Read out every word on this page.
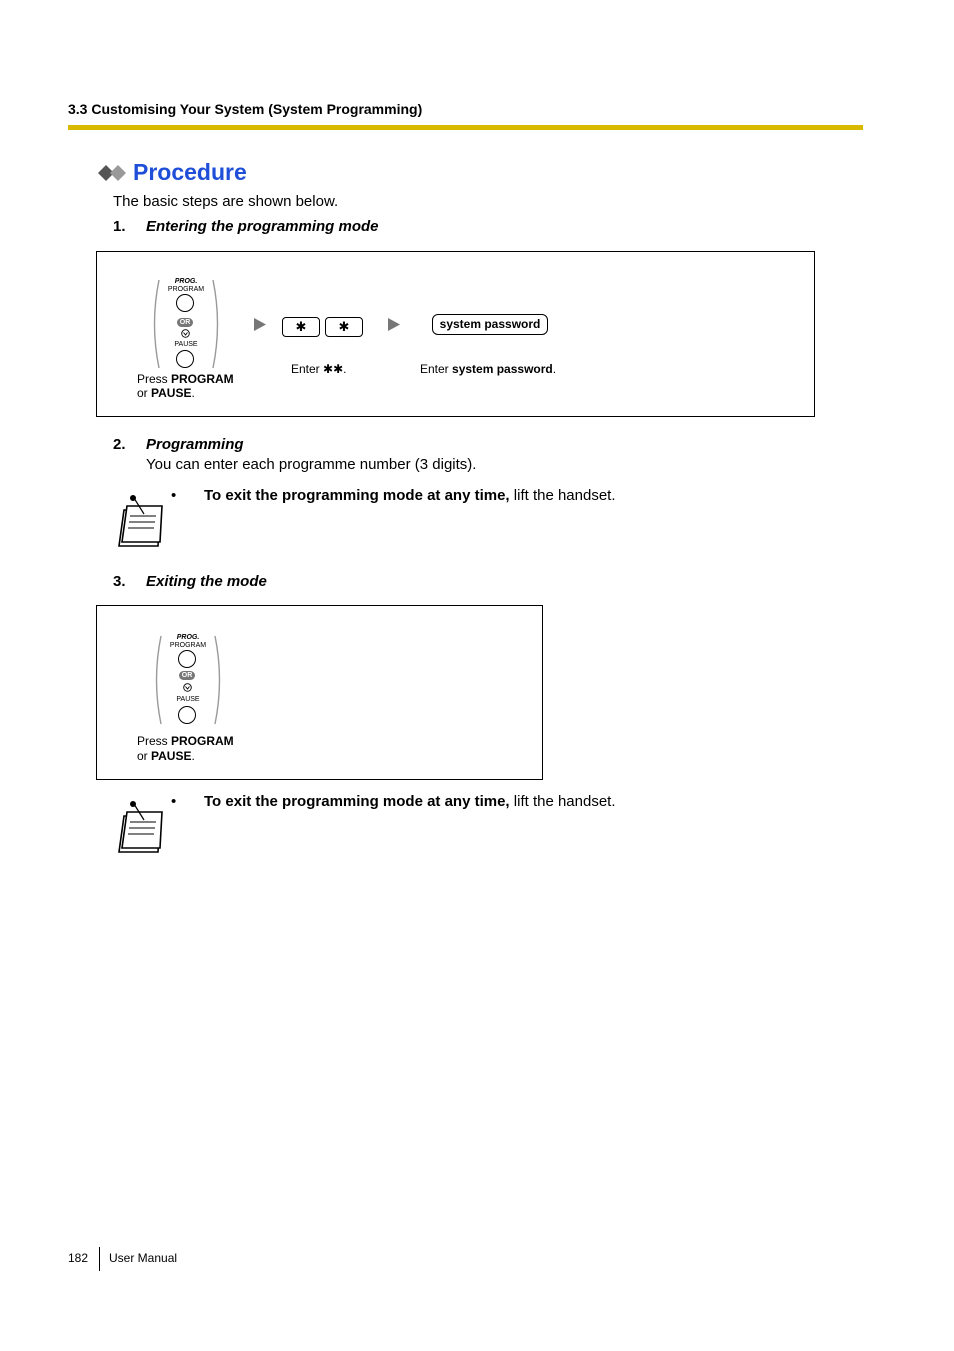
3.3 Customising Your System (System Programming)
Procedure
The basic steps are shown below.
1. Entering the programming mode
PROG.
PROGRAM
OR
PAUSE
Press PROGRAM
or PAUSE.
✱	✱
Enter ✱✱.
system password
Enter system password.
2. Programming
You can enter each programme number (3 digits).
• To exit the programming mode at any time, lift the handset.
3. Exiting the mode
PROG.
PROGRAM
OR
PAUSE
Press PROGRAM
or PAUSE.
• To exit the programming mode at any time, lift the handset.
182 User Manual
